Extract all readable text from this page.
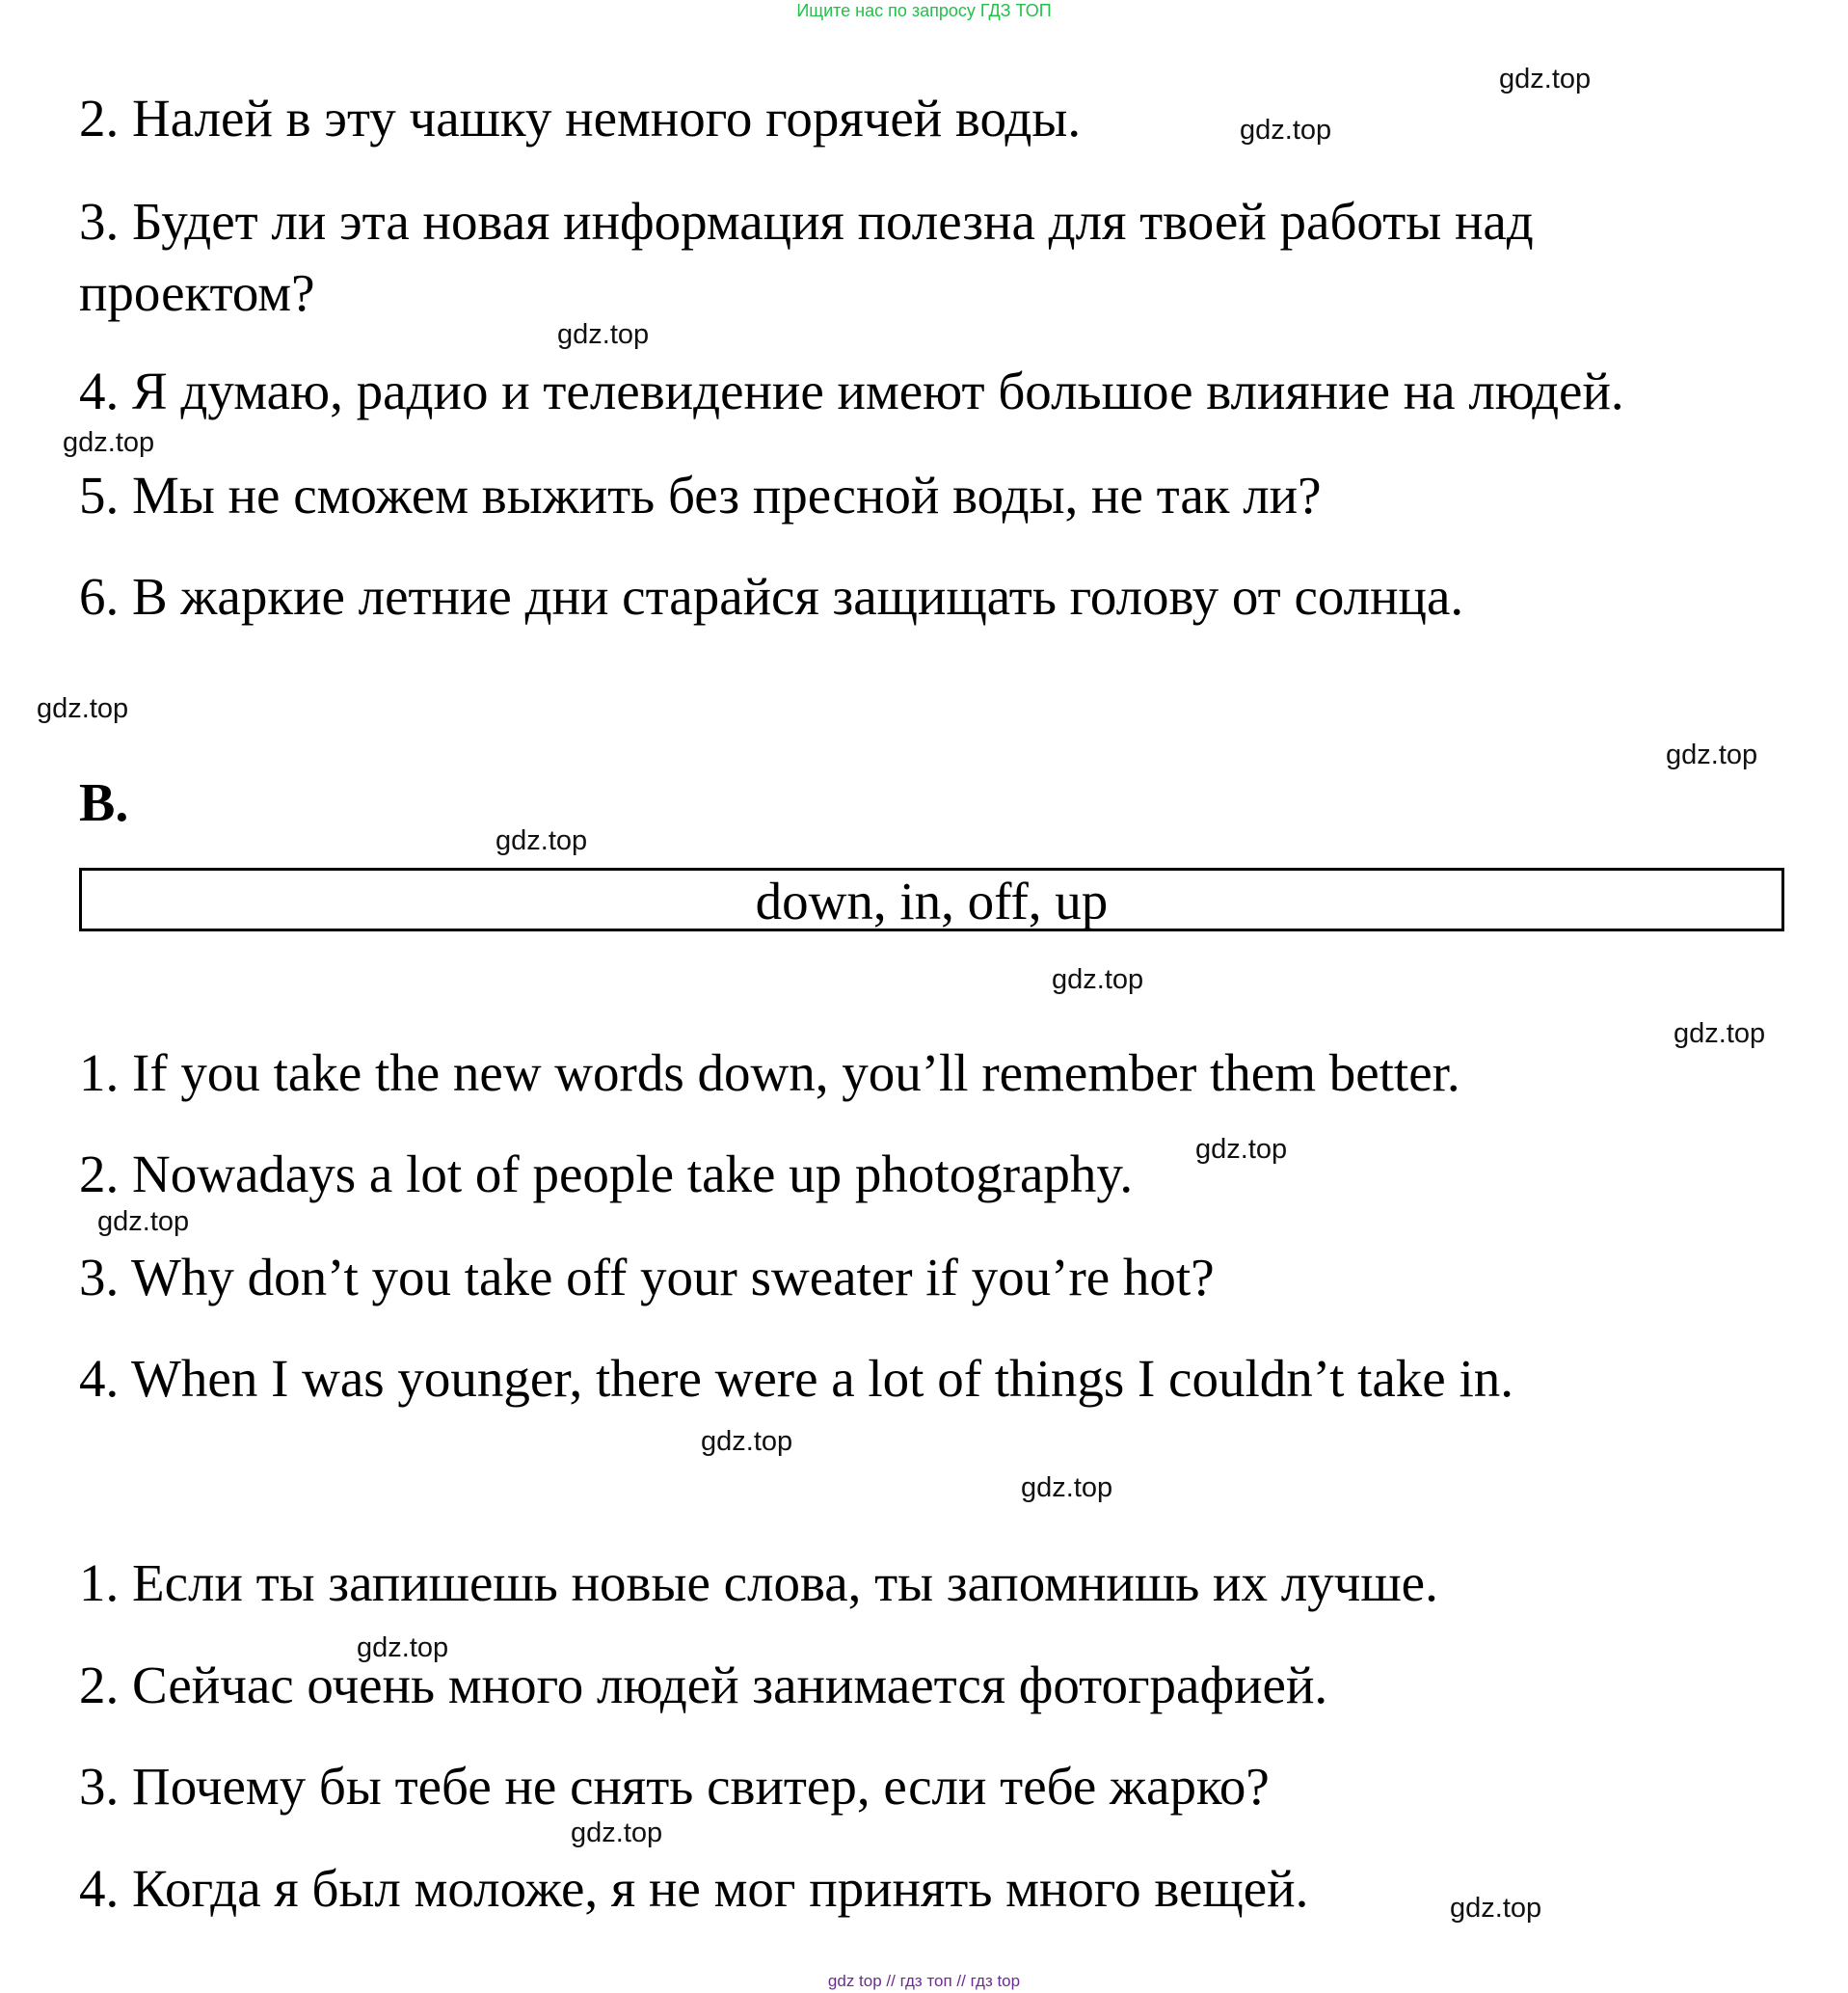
Ищите нас по запросу ГДЗ ТОП
2. Налей в эту чашку немного горячей воды.
3. Будет ли эта новая информация полезна для твоей работы над проектом?
4. Я думаю, радио и телевидение имеют большое влияние на людей.
5. Мы не сможем выжить без пресной воды, не так ли?
6. В жаркие летние дни старайся защищать голову от солнца.
B.
down, in, off, up
1. If you take the new words down, you’ll remember them better.
2. Nowadays a lot of people take up photography.
3. Why don’t you take off your sweater if you’re hot?
4. When I was younger, there were a lot of things I couldn’t take in.
1. Если ты запишешь новые слова, ты запомнишь их лучше.
2. Сейчас очень много людей занимается фотографией.
3. Почему бы тебе не снять свитер, если тебе жарко?
4. Когда я был моложе, я не мог принять много вещей.
gdz.top
gdz.top
gdz.top
gdz.top
gdz.top
gdz.top
gdz.top
gdz.top
gdz.top
gdz.top
gdz.top
gdz.top
gdz.top
gdz.top
gdz.top
gdz.top
gdz top // гдз топ // гдз top
